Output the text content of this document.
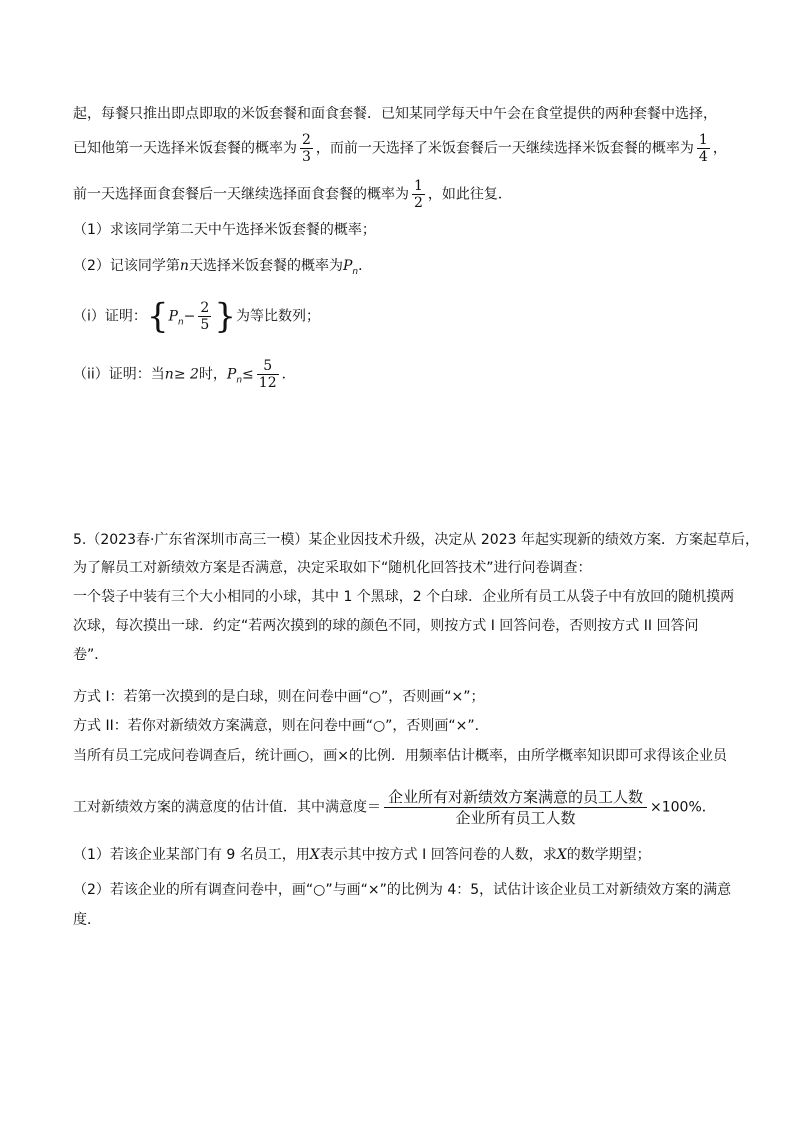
起，每餐只推出即点即取的米饭套餐和面食套餐．已知某同学每天中午会在食堂提供的两种套餐中选择，
已知他第一天选择米饭套餐的概率为 $\frac{2}{3}$ ，而前一天选择了米饭套餐后一天继续选择米饭套餐的概率为 $\frac{1}{4}$ ，
前一天选择面食套餐后一天继续选择面食套餐的概率为 $\frac{1}{2}$ ，如此往复．
（1）求该同学第二天中午选择米饭套餐的概率；
（2）记该同学第n天选择米饭套餐的概率为$P_n$．
（i）证明：{$P_n- \frac{2}{5}$ }为等比数列；
（ii）证明：当n≥ 2时，$P_n\le \frac{5}{12}$ ．
5.（2023春·广东省深圳市高三一模）某企业因技术升级，决定从 2023 年起实现新的绩效方案．方案起草后，
为了解员工对新绩效方案是否满意，决定采取如下“随机化回答技术”进行问卷调查：
一个袋子中装有三个大小相同的小球，其中 1 个黑球，2 个白球．企业所有员工从袋子中有放回的随机摸两
次球，每次摸出一球．约定“若两次摸到的球的颜色不同，则按方式 I 回答问卷，否则按方式 II 回答问
卷”．
方式 I：若第一次摸到的是白球，则在问卷中画“○”，否则画“×”；
方式 II：若你对新绩效方案满意，则在问卷中画“○”，否则画“×”．
当所有员工完成问卷调查后，统计画○，画×的比例．用频率估计概率，由所学概率知识即可求得该企业员
工对新绩效方案的满意度的估计值．其中满意度＝ $\frac{\text{企业所有对新绩效方案满意的员工人数}}{\text{企业所有员工人数}} \times 100\%$．
（1）若该企业某部门有 9 名员工，用X表示其中按方式 I 回答问卷的人数，求X的数学期望；
（2）若该企业的所有调查问卷中，画“○”与画“×”的比例为 4：5，试估计该企业员工对新绩效方案的满意
度．
